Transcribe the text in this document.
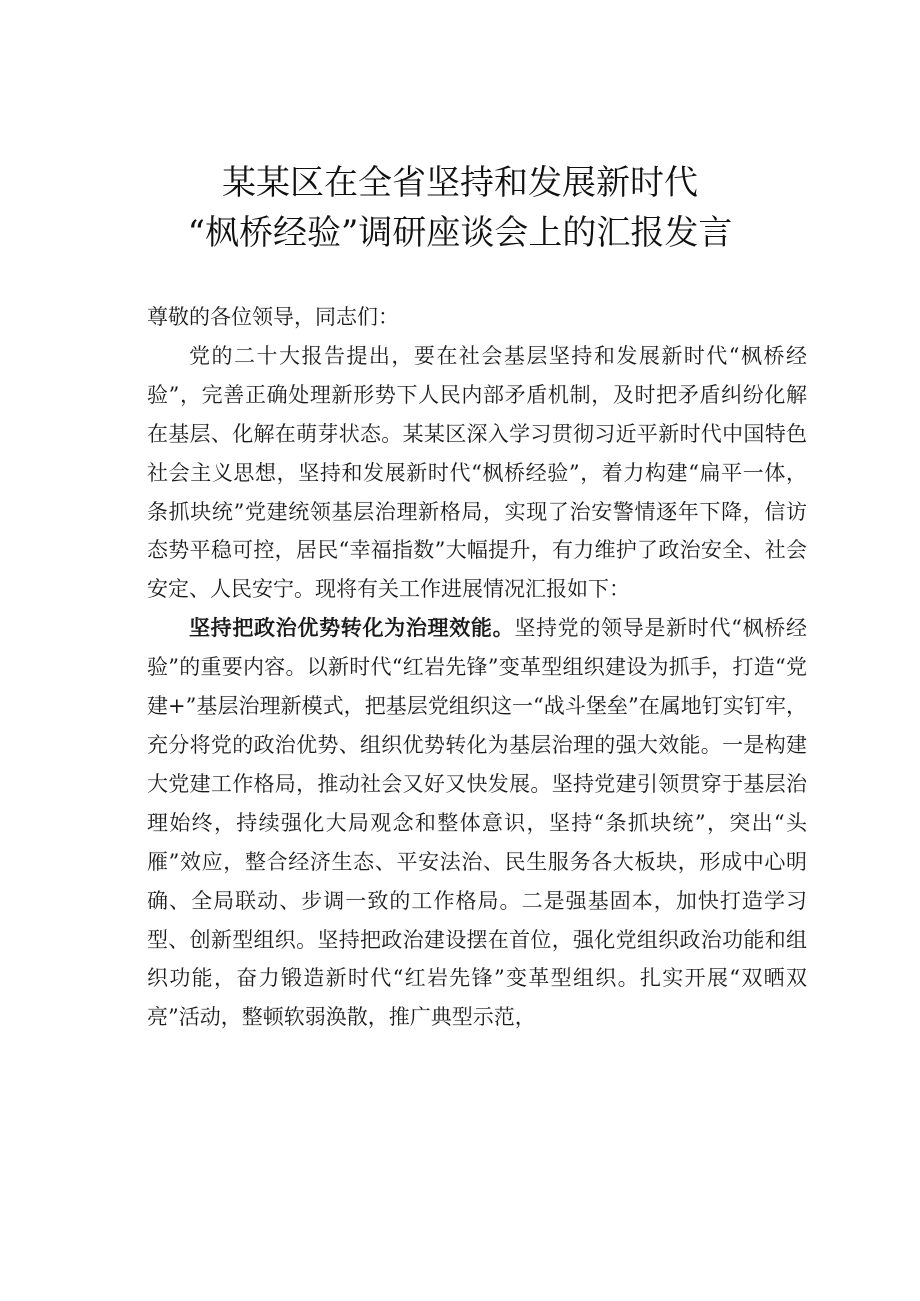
某某区在全省坚持和发展新时代
“枫桥经验”调研座谈会上的汇报发言

尊敬的各位领导，同志们：

党的二十大报告提出，要在社会基层坚持和发展新时代“枫桥经验”，完善正确处理新形势下人民内部矛盾机制，及时把矛盾纠纷化解在基层、化解在萌芽状态。某某区深入学习贯彻习近平新时代中国特色社会主义思想，坚持和发展新时代“枫桥经验”，着力构建“扁平一体，条抓块统”党建统领基层治理新格局，实现了治安警情逐年下降，信访态势平稳可控，居民“幸福指数”大幅提升，有力维护了政治安全、社会安定、人民安宁。现将有关工作进展情况汇报如下：

坚持把政治优势转化为治理效能。坚持党的领导是新时代“枫桥经验”的重要内容。以新时代“红岩先锋”变革型组织建设为抓手，打造“党建+”基层治理新模式，把基层党组织这一“战斗堡垒”在属地钉实钉牢，充分将党的政治优势、组织优势转化为基层治理的强大效能。一是构建大党建工作格局，推动社会又好又快发展。坚持党建引领贯穿于基层治理始终，持续强化大局观念和整体意识，坚持“条抓块统”，突出“头雁”效应，整合经济生态、平安法治、民生服务各大板块，形成中心明确、全局联动、步调一致的工作格局。二是强基固本，加快打造学习型、创新型组织。坚持把政治建设摆在首位，强化党组织政治功能和组织功能，奋力锻造新时代“红岩先锋”变革型组织。扎实开展“双晒双亮”活动，整顿软弱涣散，推广典型示范，
